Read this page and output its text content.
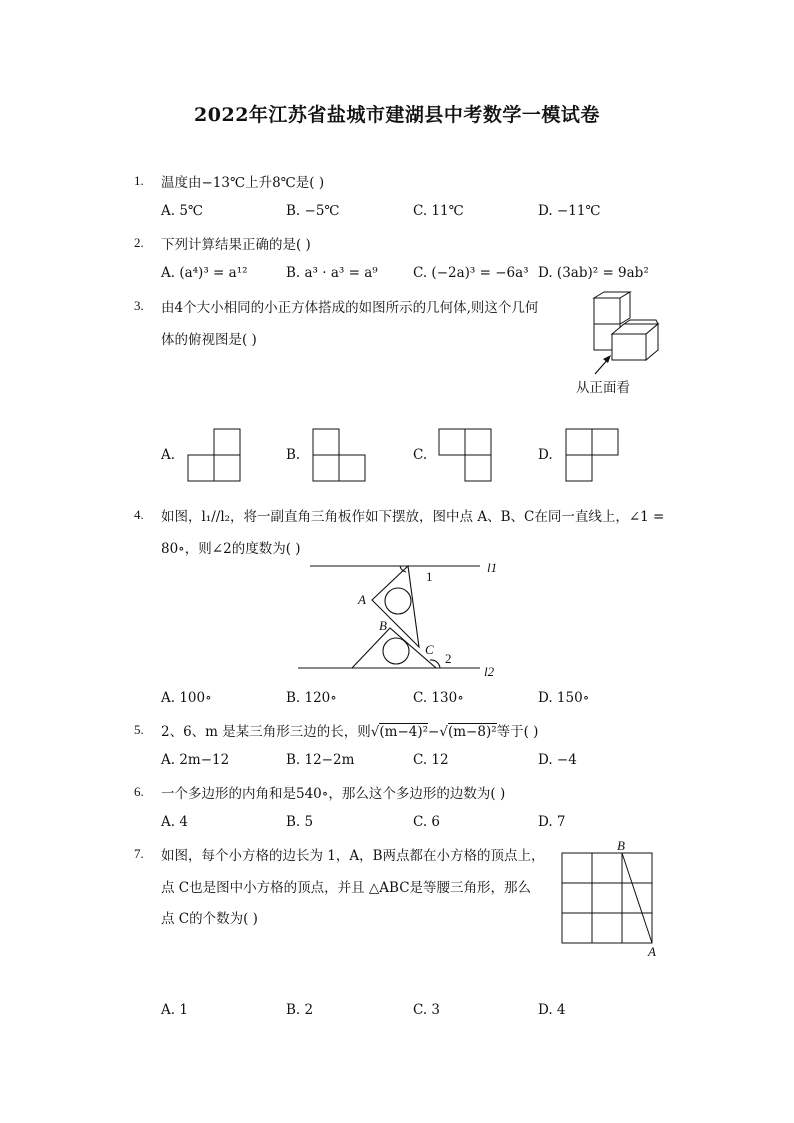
2022年江苏省盐城市建湖县中考数学一模试卷
1. 温度由−13℃上升8℃是( )
A. 5℃	B. −5℃	C. 11℃	D. −11℃
2. 下列计算结果正确的是( )
A. (a⁴)³ = a¹²	B. a³ · a³ = a⁹	C. (−2a)³ = −6a³ D. (3ab)² = 9ab²
3. 由4个大小相同的小正方体搭成的如图所示的几何体,则这个几何
体的俯视图是( )
从正面看
A.	B.	C.	D.
4. 如图，l₁//l₂，将一副直角三角板作如下摆放，图中点 A、B、C在同一直线上，∠1 =
80∘，则∠2的度数为( )
1
l1
l2
A
B
C
2
A. 100∘	B. 120∘	C. 130∘	D. 150∘
5. 2、6、m 是某三角形三边的长，则√(m−4)²−√(m−8)²等于( )
A. 2m−12	B. 12−2m	C. 12	D. −4
6. 一个多边形的内角和是540∘，那么这个多边形的边数为( )
A. 4	B. 5	C. 6	D. 7
7. 如图，每个小方格的边长为 1，A，B两点都在小方格的顶点上，
点 C也是图中小方格的顶点，并且 △ABC是等腰三角形，那么
点 C的个数为( )
B
A
A. 1	B. 2	C. 3	D. 4
